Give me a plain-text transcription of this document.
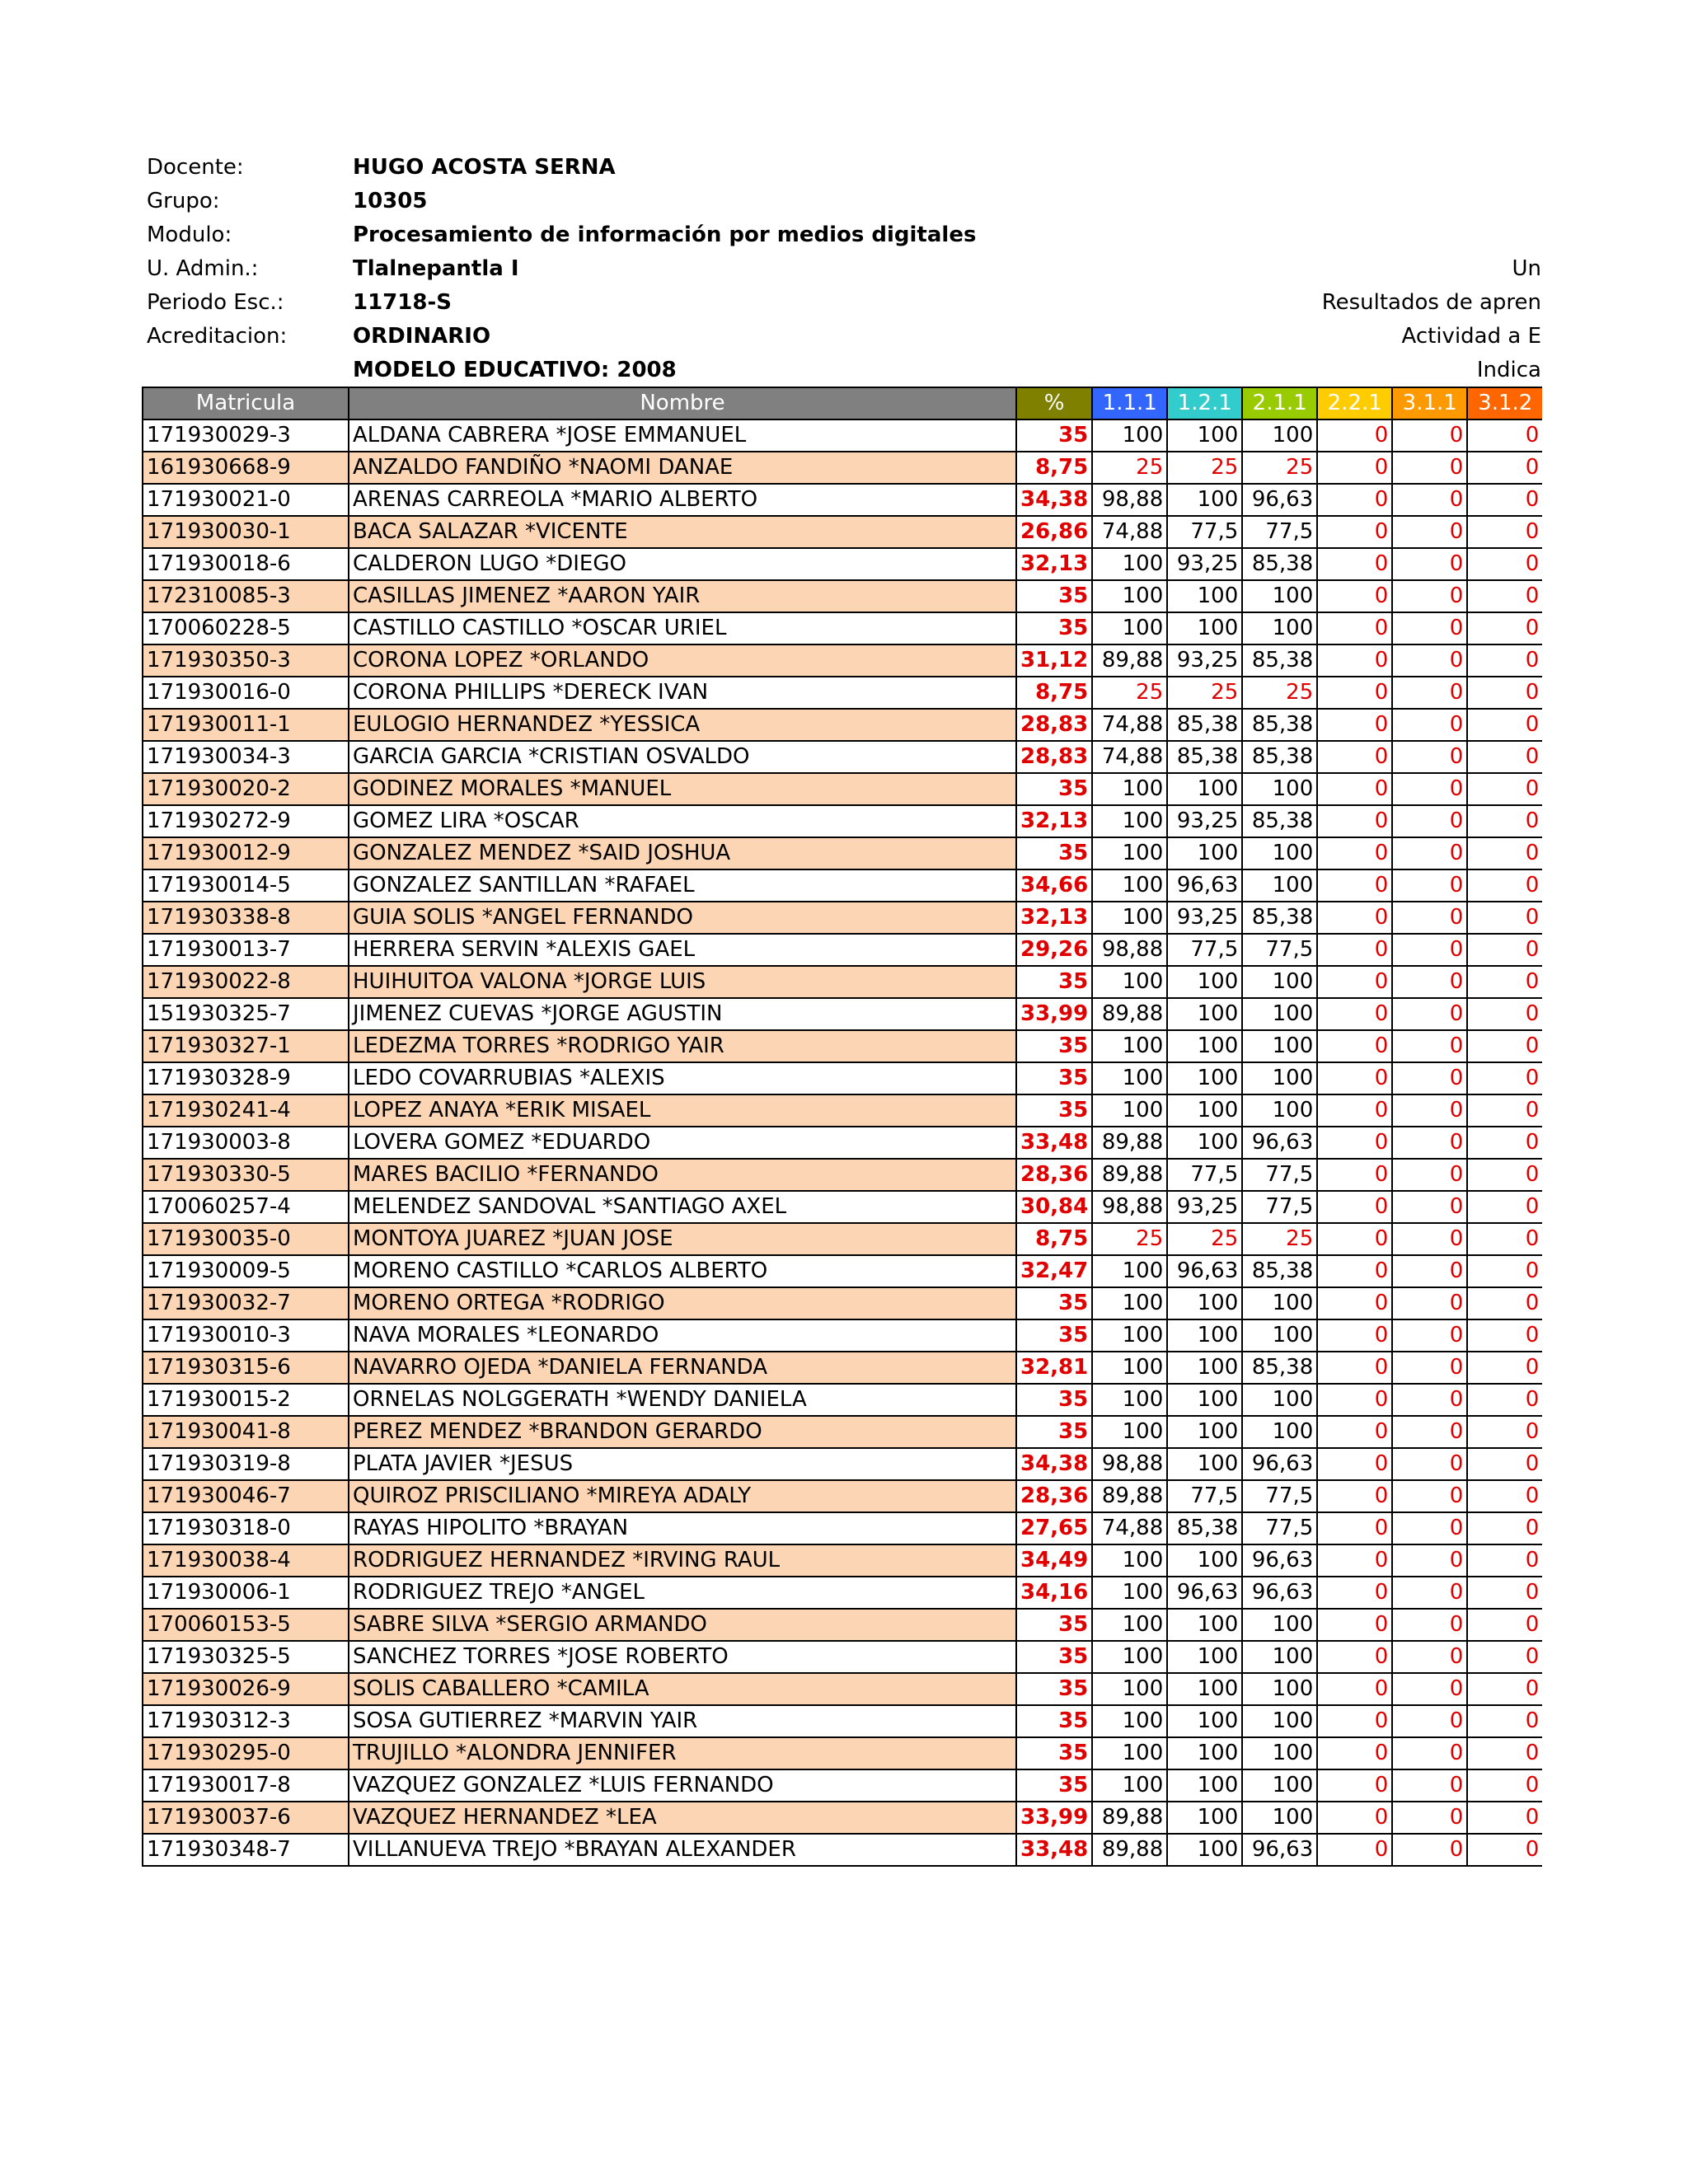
Docente:	HUGO ACOSTA SERNA
Grupo:	10305
Modulo:	Procesamiento de información por medios digitales
U. Admin.:	Tlalnepantla I
Periodo Esc.:	11718-S
Acreditacion:	ORDINARIO
MODELO EDUCATIVO: 2008
Un
Resultados de apren
Actividad a E
Indica
Matricula	Nombre	%	1.1.1	1.2.1	2.1.1	2.2.1	3.1.1	3.1.2
171930029-3	ALDANA CABRERA *JOSE EMMANUEL	35	100	100	100	0	0	0
161930668-9	ANZALDO FANDIÑO *NAOMI DANAE	8,75	25	25	25	0	0	0
171930021-0	ARENAS CARREOLA *MARIO ALBERTO	34,38	98,88	100	96,63	0	0	0
171930030-1	BACA SALAZAR *VICENTE	26,86	74,88	77,5	77,5	0	0	0
171930018-6	CALDERON LUGO *DIEGO	32,13	100	93,25	85,38	0	0	0
172310085-3	CASILLAS JIMENEZ *AARON YAIR	35	100	100	100	0	0	0
170060228-5	CASTILLO CASTILLO *OSCAR URIEL	35	100	100	100	0	0	0
171930350-3	CORONA LOPEZ *ORLANDO	31,12	89,88	93,25	85,38	0	0	0
171930016-0	CORONA PHILLIPS *DERECK IVAN	8,75	25	25	25	0	0	0
171930011-1	EULOGIO HERNANDEZ *YESSICA	28,83	74,88	85,38	85,38	0	0	0
171930034-3	GARCIA GARCIA *CRISTIAN OSVALDO	28,83	74,88	85,38	85,38	0	0	0
171930020-2	GODINEZ MORALES *MANUEL	35	100	100	100	0	0	0
171930272-9	GOMEZ LIRA *OSCAR	32,13	100	93,25	85,38	0	0	0
171930012-9	GONZALEZ MENDEZ *SAID JOSHUA	35	100	100	100	0	0	0
171930014-5	GONZALEZ SANTILLAN *RAFAEL	34,66	100	96,63	100	0	0	0
171930338-8	GUIA SOLIS *ANGEL FERNANDO	32,13	100	93,25	85,38	0	0	0
171930013-7	HERRERA SERVIN *ALEXIS GAEL	29,26	98,88	77,5	77,5	0	0	0
171930022-8	HUIHUITOA VALONA *JORGE LUIS	35	100	100	100	0	0	0
151930325-7	JIMENEZ CUEVAS *JORGE AGUSTIN	33,99	89,88	100	100	0	0	0
171930327-1	LEDEZMA TORRES *RODRIGO YAIR	35	100	100	100	0	0	0
171930328-9	LEDO COVARRUBIAS *ALEXIS	35	100	100	100	0	0	0
171930241-4	LOPEZ ANAYA *ERIK MISAEL	35	100	100	100	0	0	0
171930003-8	LOVERA GOMEZ *EDUARDO	33,48	89,88	100	96,63	0	0	0
171930330-5	MARES BACILIO *FERNANDO	28,36	89,88	77,5	77,5	0	0	0
170060257-4	MELENDEZ SANDOVAL *SANTIAGO AXEL	30,84	98,88	93,25	77,5	0	0	0
171930035-0	MONTOYA JUAREZ *JUAN JOSE	8,75	25	25	25	0	0	0
171930009-5	MORENO CASTILLO *CARLOS ALBERTO	32,47	100	96,63	85,38	0	0	0
171930032-7	MORENO ORTEGA *RODRIGO	35	100	100	100	0	0	0
171930010-3	NAVA MORALES *LEONARDO	35	100	100	100	0	0	0
171930315-6	NAVARRO OJEDA *DANIELA FERNANDA	32,81	100	100	85,38	0	0	0
171930015-2	ORNELAS NOLGGERATH *WENDY DANIELA	35	100	100	100	0	0	0
171930041-8	PEREZ MENDEZ *BRANDON GERARDO	35	100	100	100	0	0	0
171930319-8	PLATA JAVIER *JESUS	34,38	98,88	100	96,63	0	0	0
171930046-7	QUIROZ PRISCILIANO *MIREYA ADALY	28,36	89,88	77,5	77,5	0	0	0
171930318-0	RAYAS HIPOLITO *BRAYAN	27,65	74,88	85,38	77,5	0	0	0
171930038-4	RODRIGUEZ HERNANDEZ *IRVING RAUL	34,49	100	100	96,63	0	0	0
171930006-1	RODRIGUEZ TREJO *ANGEL	34,16	100	96,63	96,63	0	0	0
170060153-5	SABRE SILVA *SERGIO ARMANDO	35	100	100	100	0	0	0
171930325-5	SANCHEZ TORRES *JOSE ROBERTO	35	100	100	100	0	0	0
171930026-9	SOLIS CABALLERO *CAMILA	35	100	100	100	0	0	0
171930312-3	SOSA GUTIERREZ *MARVIN YAIR	35	100	100	100	0	0	0
171930295-0	TRUJILLO *ALONDRA JENNIFER	35	100	100	100	0	0	0
171930017-8	VAZQUEZ GONZALEZ *LUIS FERNANDO	35	100	100	100	0	0	0
171930037-6	VAZQUEZ HERNANDEZ *LEA	33,99	89,88	100	100	0	0	0
171930348-7	VILLANUEVA TREJO *BRAYAN ALEXANDER	33,48	89,88	100	96,63	0	0	0
